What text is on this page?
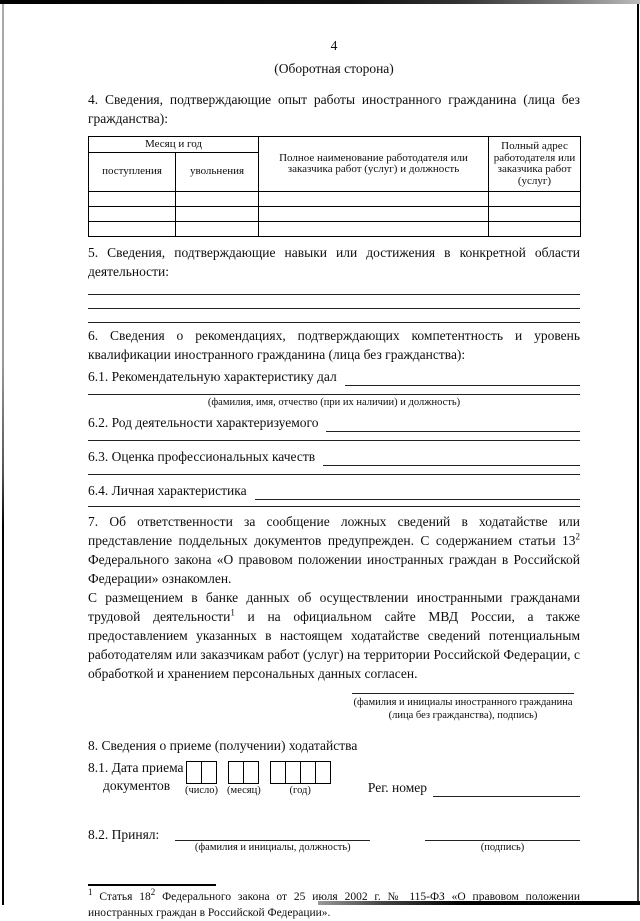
4
(Оборотная сторона)
4. Сведения, подтверждающие опыт работы иностранного гражданина (лица без гражданства):
Месяц и год		Полное наименование работодателя или заказчика работ (услуг) и должность	Полный адрес работодателя или заказчика работ (услуг)
поступления	увольнения		

5. Сведения, подтверждающие навыки или достижения в конкретной области деятельности:
6. Сведения о рекомендациях, подтверждающих компетентность и уровень квалификации иностранного гражданина (лица без гражданства):
6.1. Рекомендательную характеристику дал
(фамилия, имя, отчество (при их наличии) и должность)
6.2. Род деятельности характеризуемого
6.3. Оценка профессиональных качеств
6.4. Личная характеристика
7. Об ответственности за сообщение ложных сведений в ходатайстве или представление поддельных документов предупрежден. С содержанием статьи $13^2$ Федерального закона «О правовом положении иностранных граждан в Российской Федерации» ознакомлен.
С размещением в банке данных об осуществлении иностранными гражданами трудовой деятельности$^1$ и на официальном сайте МВД России, а также предоставлением указанных в настоящем ходатайстве сведений потенциальным работодателям или заказчикам работ (услуг) на территории Российской Федерации, с обработкой и хранением персональных данных согласен.
(фамилия и инициалы иностранного гражданина
(лица без гражданства), подпись)
8. Сведения о приеме (получении) ходатайства
8.1. Дата приема
документов	(число) (месяц)	(год)	Рег. номер
8.2. Принял:
(фамилия и инициалы, должность)	(подпись)
$^1$ Статья $18^2$ Федерального закона от 25 июля 2002 г. № 115-ФЗ «О правовом положении иностранных граждан в Российской Федерации».
